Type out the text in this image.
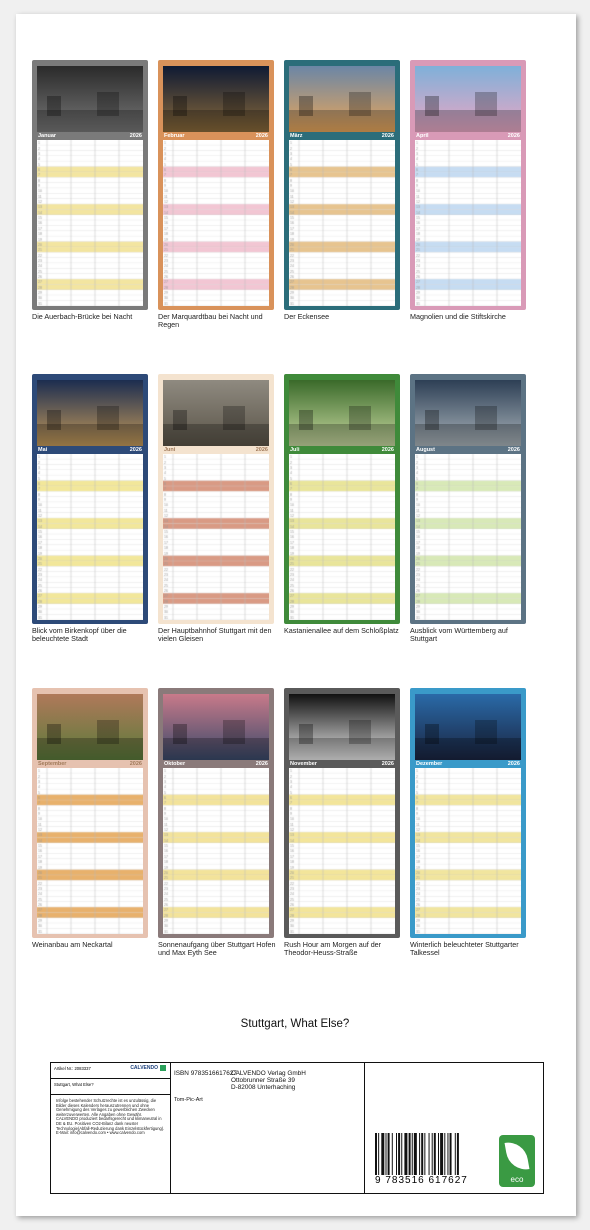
Januar	2026
Die Auerbach-Brücke bei Nacht
Februar	2026
Der Marquardtbau bei Nacht und Regen
März	2026
Der Eckensee
April	2026
Magnolien und die Stiftskirche
Mai	2026
Blick vom Birkenkopf über die beleuchtete Stadt
Juni	2026
Der Hauptbahnhof Stuttgart mit den vielen Gleisen
Juli	2026
Kastanienallee auf dem Schloßplatz
August	2026
Ausblick vom Württemberg auf Stuttgart
September	2026
Weinanbau am Neckartal
Oktober	2026
Sonnenaufgang über Stuttgart Hofen und Max Eyth See
November	2026
Rush Hour am Morgen auf der Theodor-Heuss-Straße
Dezember	2026
Winterlich beleuchteter Stuttgarter Talkessel
Stuttgart, What Else?
Artikel Nr.: 2083337	CALVENDO
Stuttgart, What Else?
Infolge bestehender Schutzrechte ist es unzulässig, die Bilder dieses Kalenders herauszutrennen und ohne Genehmigung des Verlages zu gewerblichen Zwecken weiterzuverwerten. Alle Angaben ohne Gewähr. CALVENDO produziert bedarfsgerecht und klimaneutral in DE & EU. Positiven CO2-Bilanz dank neuster Technologie(Abfall-Reduzierung dank Einzelstückfertigung). E-Mail: info@calvendo.com • www.calvendo.com
ISBN 9783516617627
CALVENDO Verlag GmbH
Ottobrunner Straße 39
D-82008 Unterhaching
Tom-Pic-Art
9 783516 617627	eco
